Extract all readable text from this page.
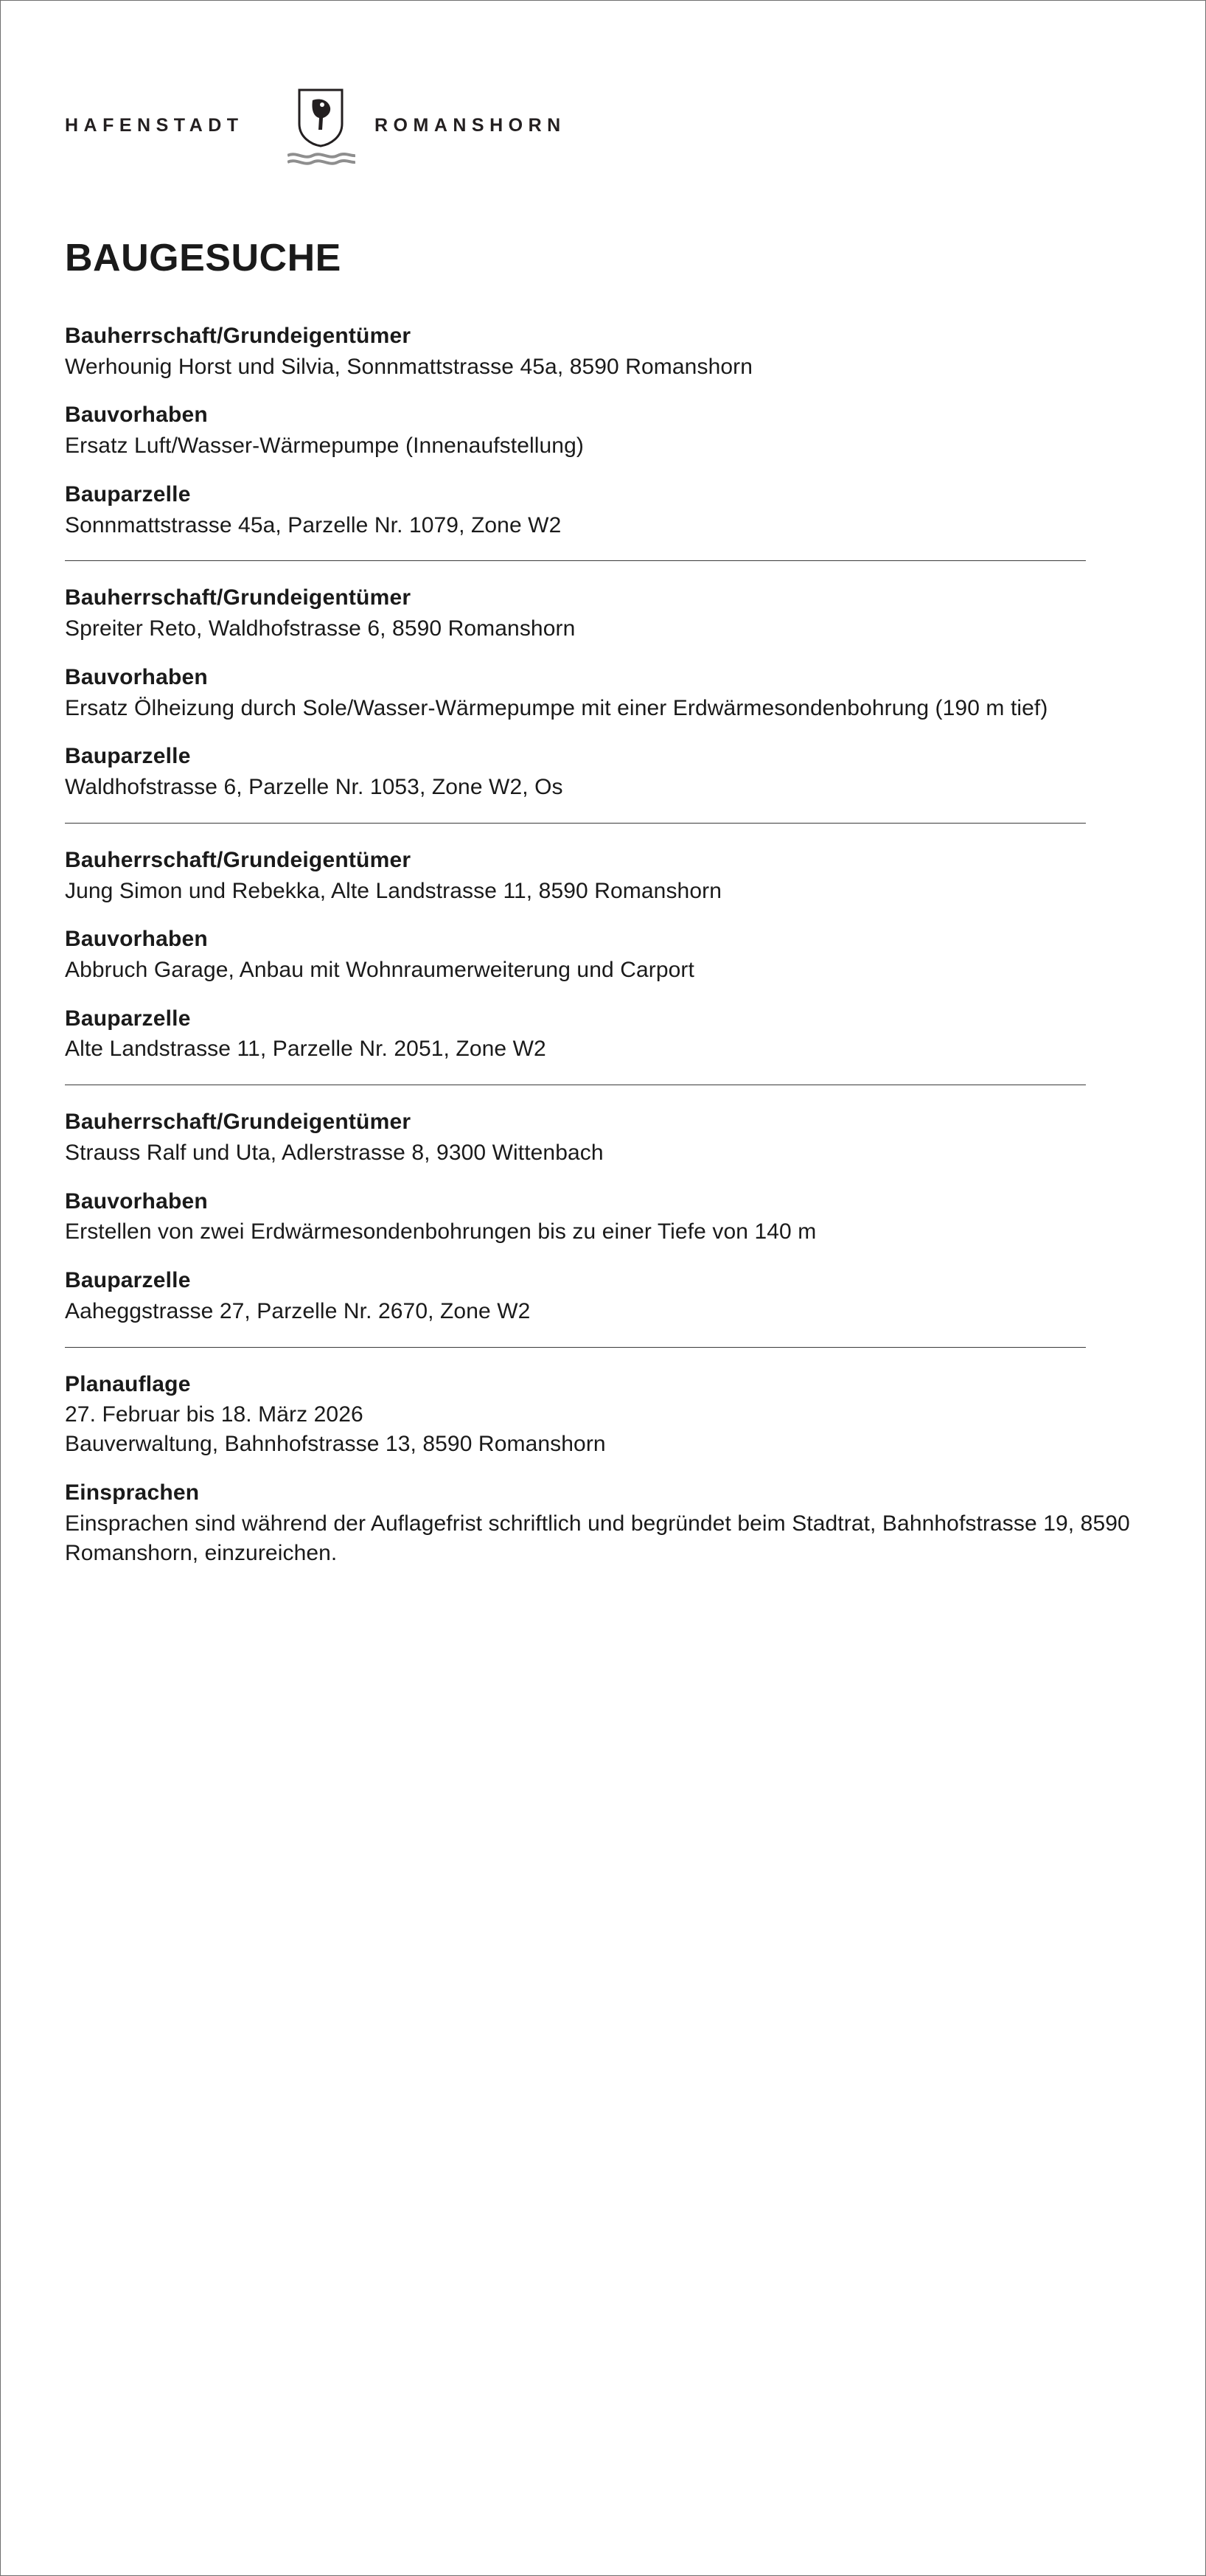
HAFENSTADT	ROMANSHORN
BAUGESUCHE
Bauherrschaft/Grundeigentümer
Werhounig Horst und Silvia, Sonnmattstrasse 45a, 8590 Romanshorn
Bauvorhaben
Ersatz Luft/Wasser-Wärmepumpe (Innenaufstellung)
Bauparzelle
Sonnmattstrasse 45a, Parzelle Nr. 1079, Zone W2
Bauherrschaft/Grundeigentümer
Spreiter Reto, Waldhofstrasse 6, 8590 Romanshorn
Bauvorhaben
Ersatz Ölheizung durch Sole/Wasser-Wärmepumpe mit einer Erdwärmesondenbohrung (190 m tief)
Bauparzelle
Waldhofstrasse 6, Parzelle Nr. 1053, Zone W2, Os
Bauherrschaft/Grundeigentümer
Jung Simon und Rebekka, Alte Landstrasse 11, 8590 Romanshorn
Bauvorhaben
Abbruch Garage, Anbau mit Wohnraumerweiterung und Carport
Bauparzelle
Alte Landstrasse 11, Parzelle Nr. 2051, Zone W2
Bauherrschaft/Grundeigentümer
Strauss Ralf und Uta, Adlerstrasse 8, 9300 Wittenbach
Bauvorhaben
Erstellen von zwei Erdwärmesondenbohrungen bis zu einer Tiefe von 140 m
Bauparzelle
Aaheggstrasse 27, Parzelle Nr. 2670, Zone W2
Planauflage
27. Februar bis 18. März 2026
Bauverwaltung, Bahnhofstrasse 13, 8590 Romanshorn
Einsprachen
Einsprachen sind während der Auflagefrist schriftlich und begründet beim Stadtrat, Bahnhofstrasse 19, 8590 Romanshorn, einzureichen.
